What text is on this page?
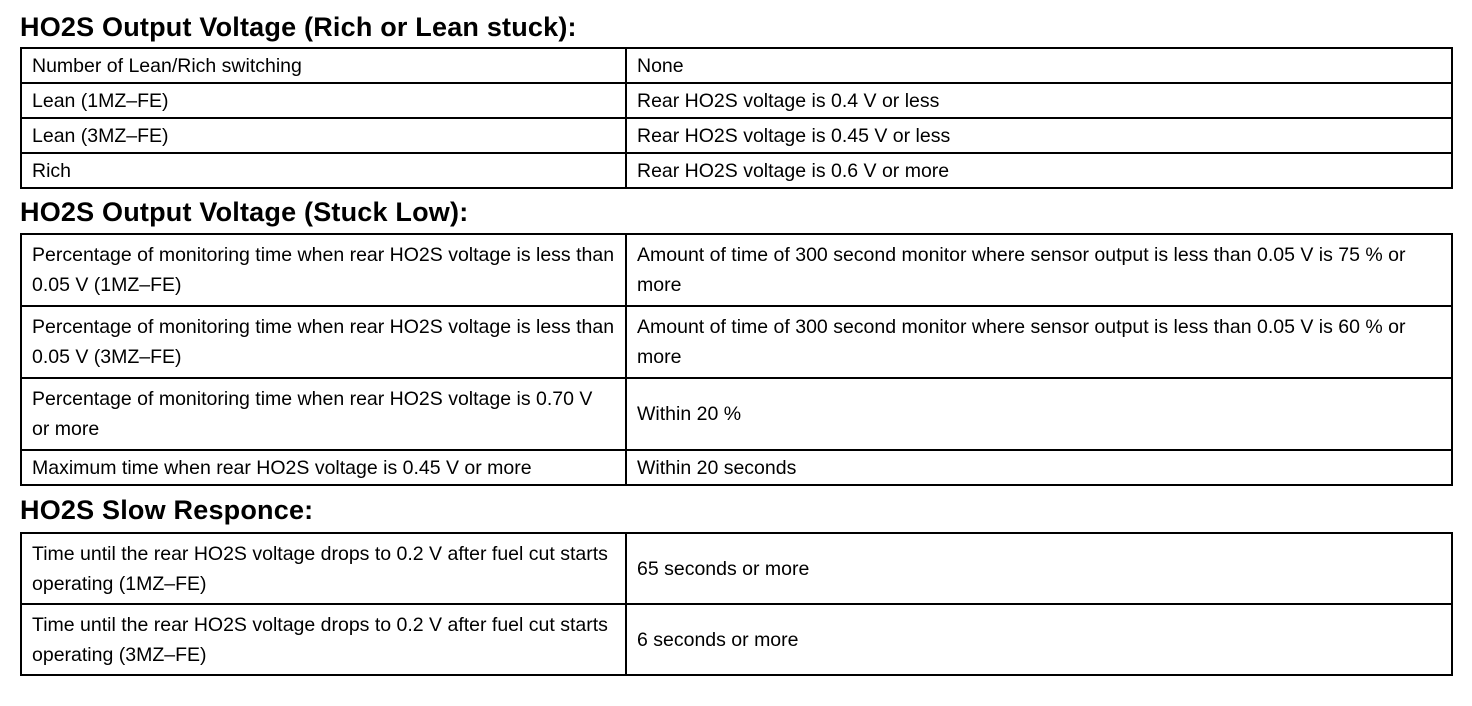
HO2S Output Voltage (Rich or Lean stuck):
Number of Lean/Rich switching	None
Lean (1MZ–FE)	Rear HO2S voltage is 0.4 V or less
Lean (3MZ–FE)	Rear HO2S voltage is 0.45 V or less
Rich	Rear HO2S voltage is 0.6 V or more
HO2S Output Voltage (Stuck Low):
Percentage of monitoring time when rear HO2S voltage is less than 0.05 V (1MZ–FE)	Amount of time of 300 second monitor where sensor output is less than 0.05 V is 75 % or more
Percentage of monitoring time when rear HO2S voltage is less than 0.05 V (3MZ–FE)	Amount of time of 300 second monitor where sensor output is less than 0.05 V is 60 % or more
Percentage of monitoring time when rear HO2S voltage is 0.70 V or more	Within 20 %
Maximum time when rear HO2S voltage is 0.45 V or more	Within 20 seconds
HO2S Slow Responce:
Time until the rear HO2S voltage drops to 0.2 V after fuel cut starts operating (1MZ–FE)	65 seconds or more
Time until the rear HO2S voltage drops to 0.2 V after fuel cut starts operating (3MZ–FE)	6 seconds or more
